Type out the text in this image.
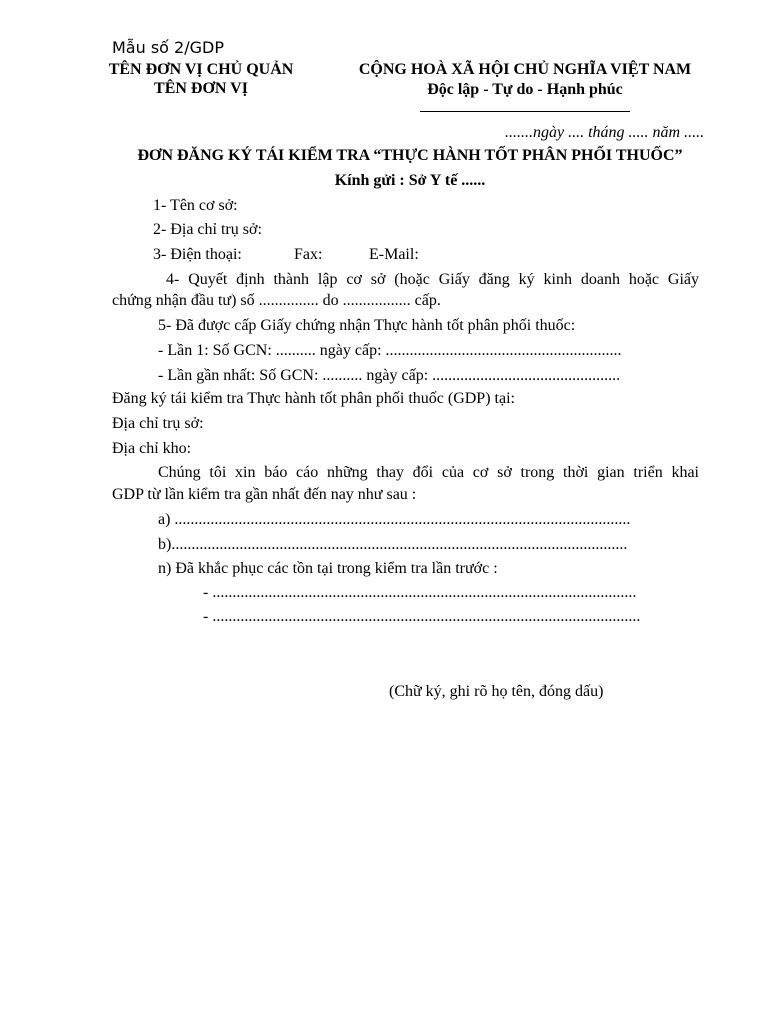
Mẫu số 2/GDP
TÊN ĐƠN VỊ CHỦ QUẢN
TÊN ĐƠN VỊ
CỘNG HOÀ XÃ HỘI CHỦ NGHĨA VIỆT NAM
Độc lập - Tự do - Hạnh phúc
.......ngày .... tháng ..... năm .....
ĐƠN ĐĂNG KÝ TÁI KIỂM TRA “THỰC HÀNH TỐT PHÂN PHỐI THUỐC”
Kính gửi : Sở Y tế ......
1- Tên cơ sở:
2- Địa chỉ trụ sở:
3- Điện thoại:	Fax:	E-Mail:
4- Quyết định thành lập cơ sở (hoặc Giấy đăng ký kinh doanh hoặc Giấy
chứng nhận đầu tư) số ............... do ................. cấp.
5- Đã được cấp Giấy chứng nhận Thực hành tốt phân phối thuốc:
- Lần 1: Số GCN: .......... ngày cấp: ...........................................................
- Lần gần nhất: Số GCN: .......... ngày cấp: ...............................................
Đăng ký tái kiểm tra Thực hành tốt phân phối thuốc (GDP) tại:
Địa chỉ trụ sở:
Địa chỉ kho:
Chúng tôi xin báo cáo những thay đổi của cơ sở trong thời gian triển khai
GDP từ lần kiểm tra gần nhất đến nay như sau :
a) ..................................................................................................................
b)..................................................................................................................
n) Đã khắc phục các tồn tại trong kiểm tra lần trước :
- ..........................................................................................................
- ...........................................................................................................
(Chữ ký, ghi rõ họ tên, đóng dấu)
